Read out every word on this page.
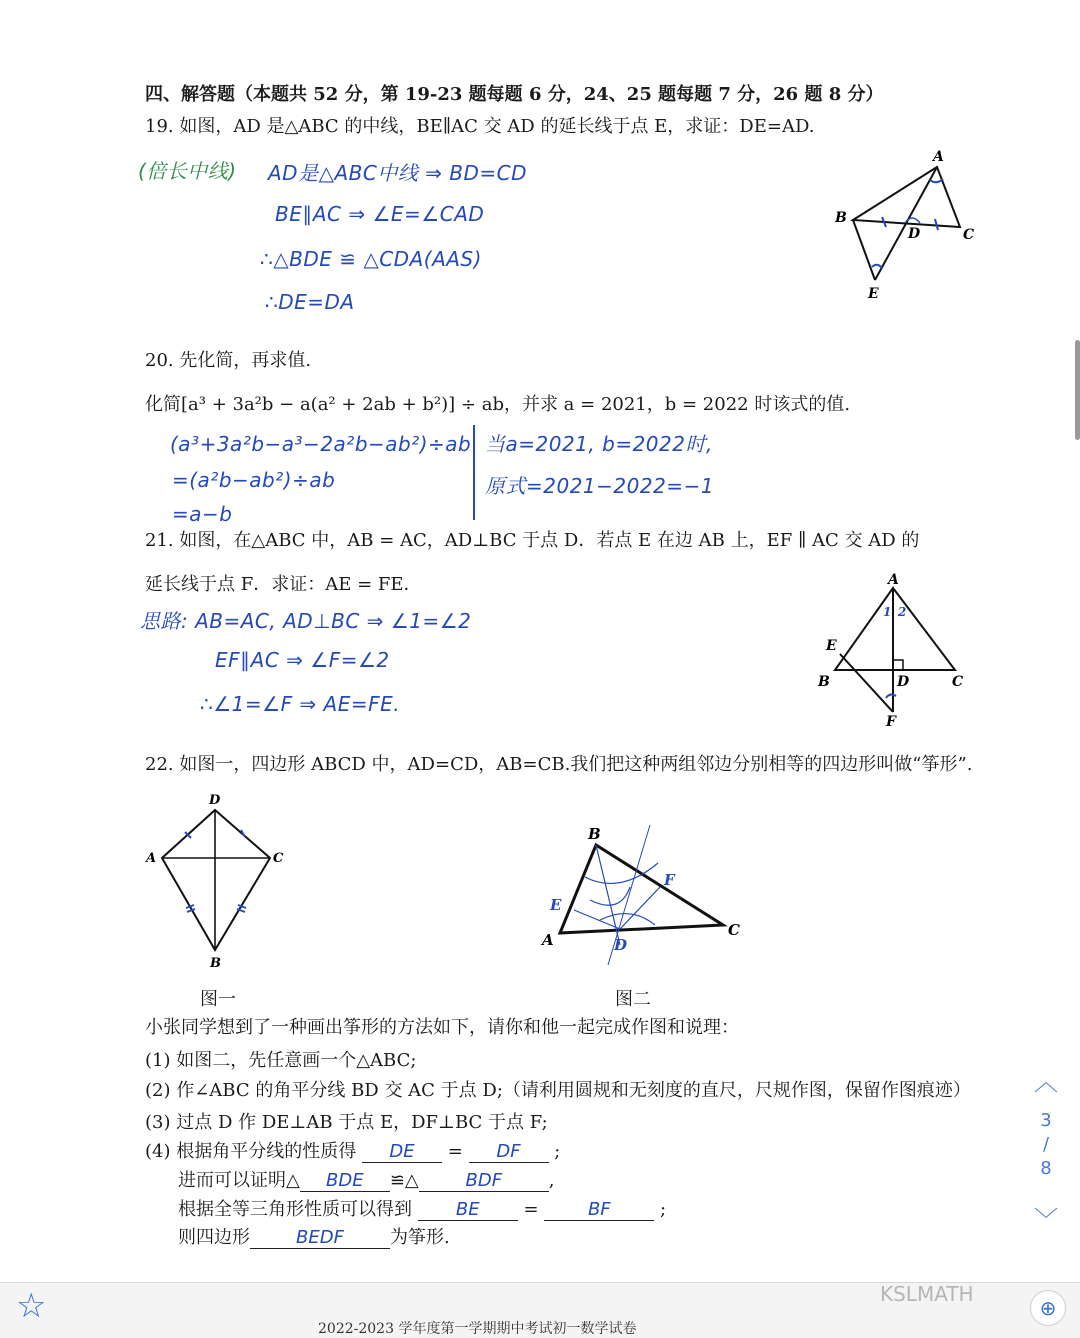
四、解答题（本题共 52 分，第 19-23 题每题 6 分，24、25 题每题 7 分，26 题 8 分）
19. 如图，AD 是△ABC 的中线，BE∥AC 交 AD 的延长线于点 E，求证：DE=AD.
(倍长中线) AD是△ABC中线 ⇒ BD=CD
BE∥AC ⇒ ∠E=∠CAD
∴△BDE ≌ △CDA(AAS)
∴DE=DA
A
B
C
D
E
20. 先化简，再求值.
化简[a³ + 3a²b − a(a² + 2ab + b²)] ÷ ab，并求 a = 2021，b = 2022 时该式的值.
(a³+3a²b−a³−2a²b−ab²)÷ab
=(a²b−ab²)÷ab
=a−b
当a=2021, b=2022时,
原式=2021−2022=−1
21. 如图，在△ABC 中，AB = AC，AD⊥BC 于点 D．若点 E 在边 AB 上，EF ∥ AC 交 AD 的
延长线于点 F．求证：AE = FE．
思路: AB=AC, AD⊥BC ⇒ ∠1=∠2
EF∥AC ⇒ ∠F=∠2
∴∠1=∠F ⇒ AE=FE.
A
B	C
D
E
F
1 2
22. 如图一，四边形 ABCD 中，AD=CD，AB=CB.我们把这种两组邻边分别相等的四边形叫做“筝形”.
D
A	C
B
图一
B
A
C
D
E
F
图二
小张同学想到了一种画出筝形的方法如下，请你和他一起完成作图和说理：
(1) 如图二，先任意画一个△ABC;
(2) 作∠ABC 的角平分线 BD 交 AC 于点 D;（请利用圆规和无刻度的直尺，尺规作图，保留作图痕迹）
(3) 过点 D 作 DE⊥AB 于点 E，DF⊥BC 于点 F;
(4) 根据角平分线的性质得 DE = DF ;
进而可以证明△ BDE ≌△	BDF	,
根据全等三角形性质可以得到 BE =	BF	;
则四边形	BEDF	为筝形.
︿
3
/
8
﹀
☆
2022-2023 学年度第一学期期中考试初一数学试卷
KSLMATH
⊕
